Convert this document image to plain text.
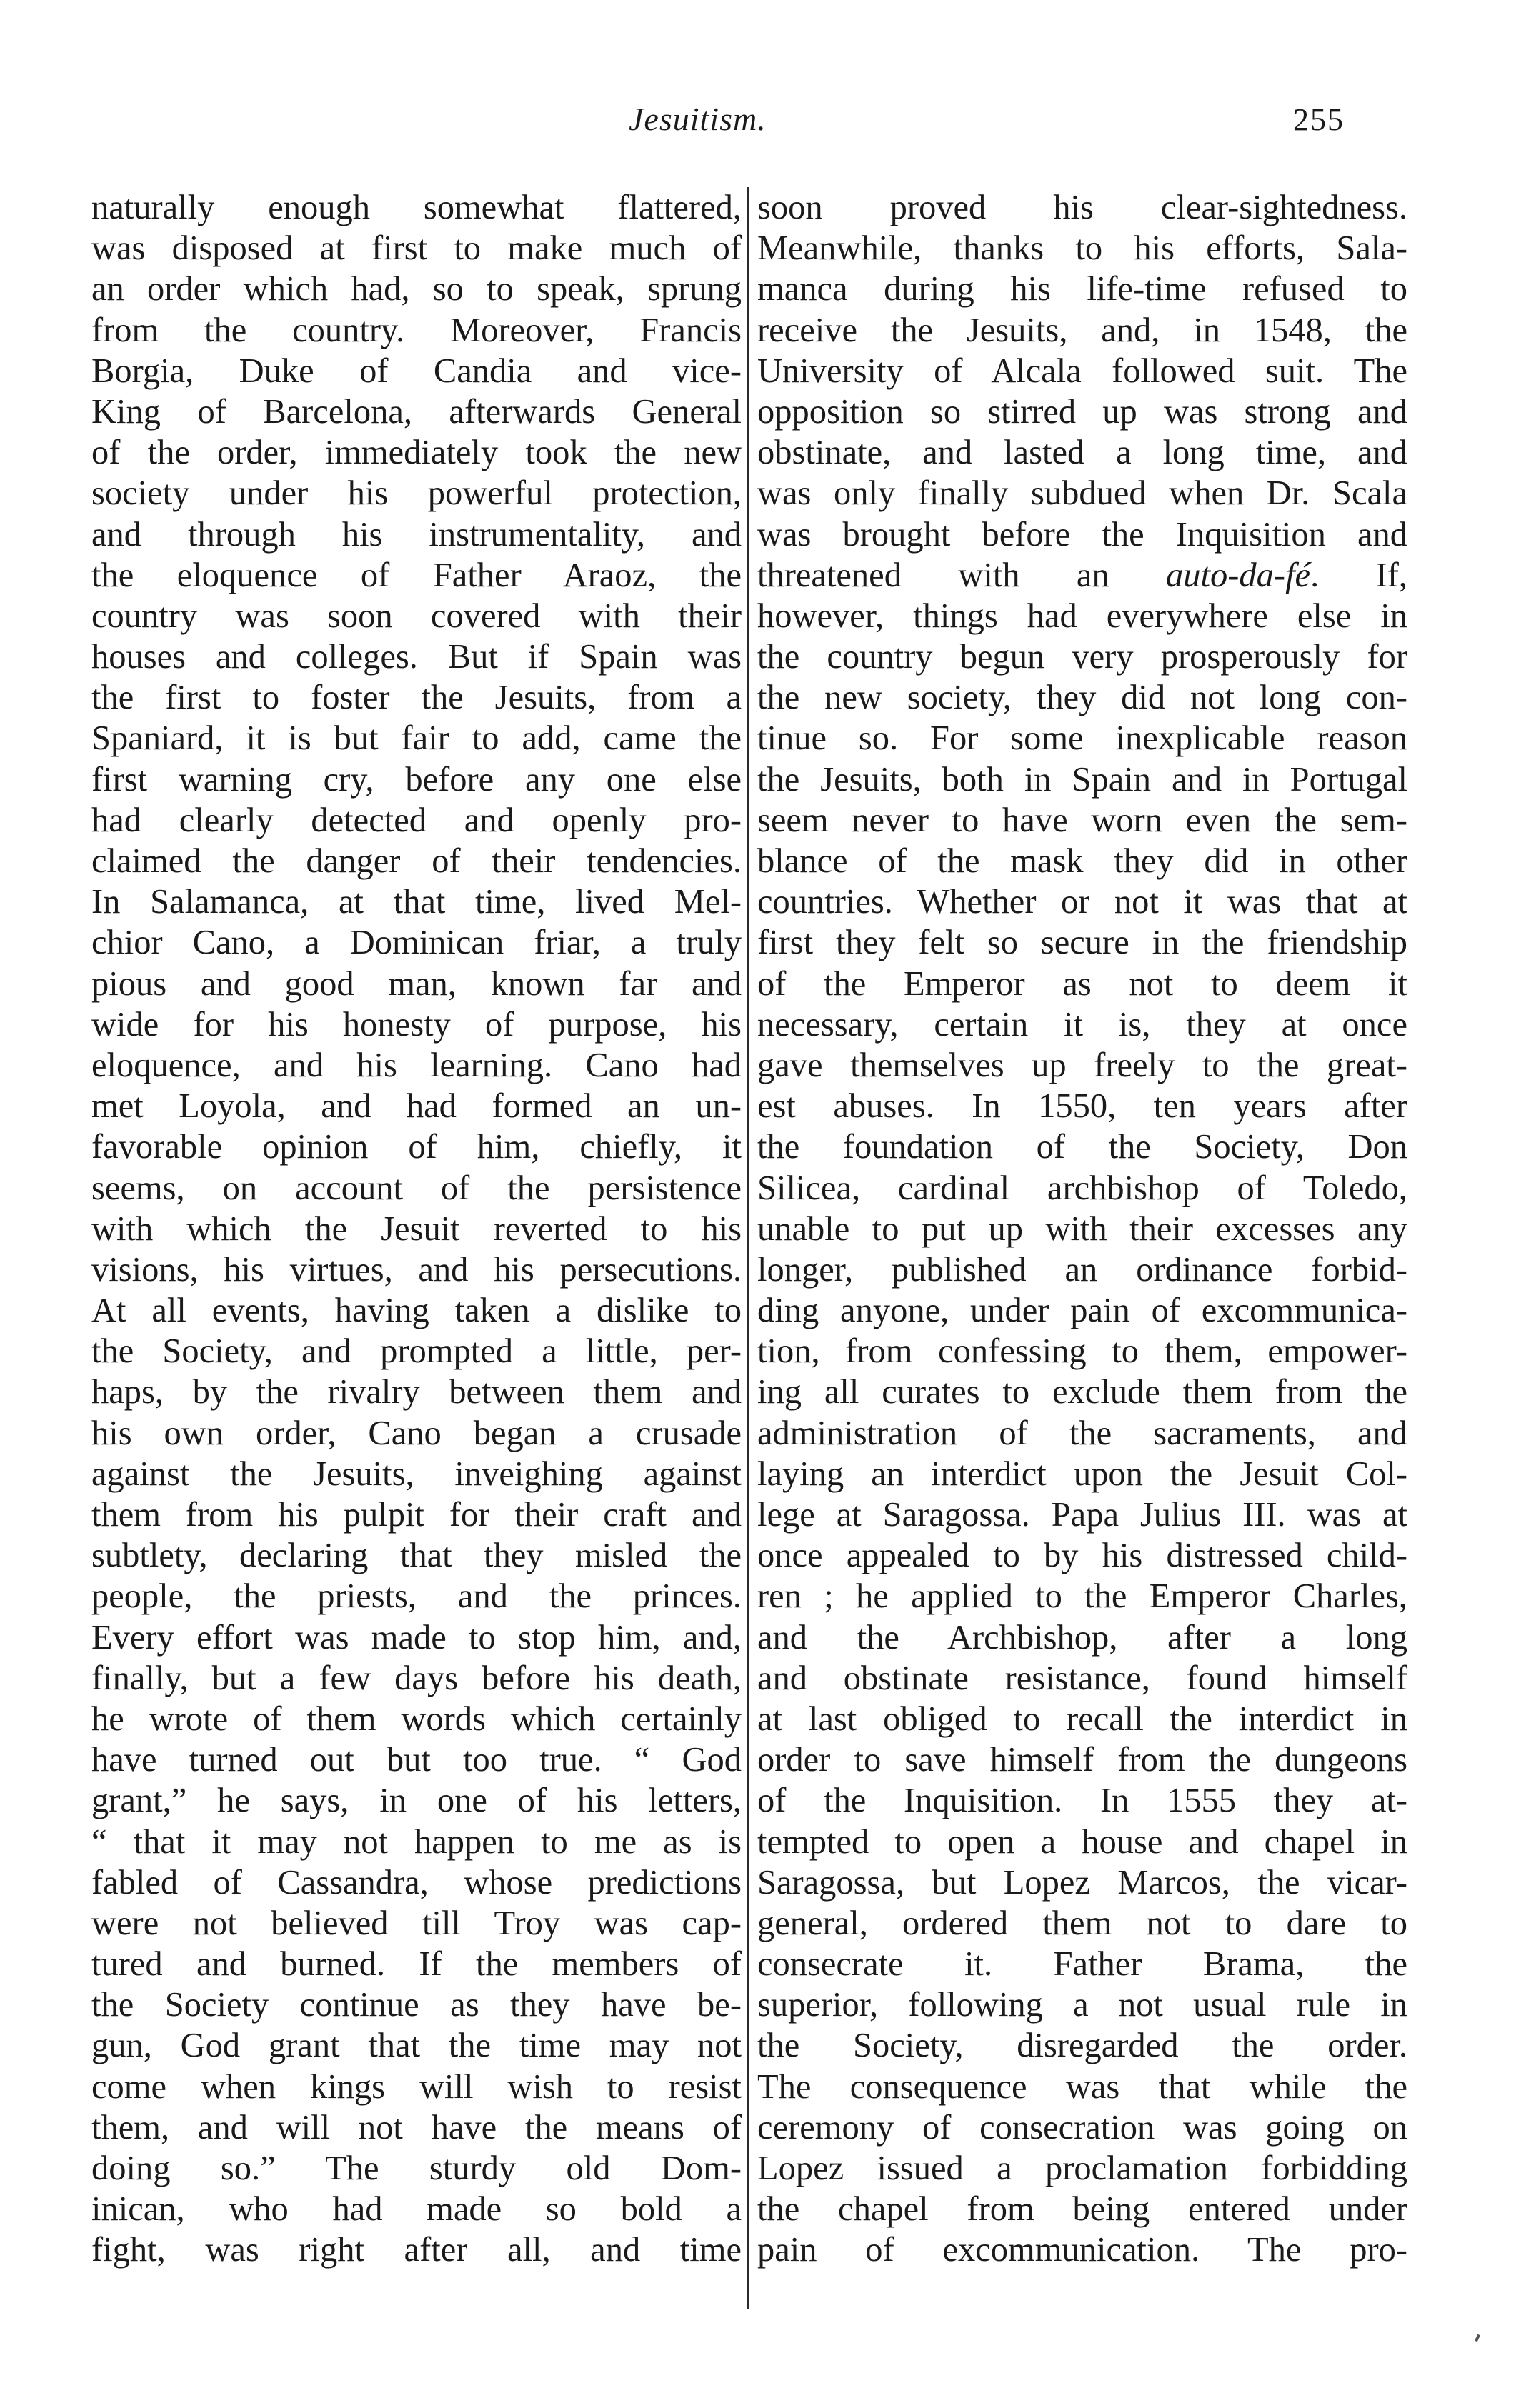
Jesuitism.	255
naturally enough somewhat flattered,
was disposed at first to make much of
an order which had, so to speak, sprung
from the country. Moreover, Francis
Borgia, Duke of Candia and vice-
King of Barcelona, afterwards General
of the order, immediately took the new
society under his powerful protection,
and through his instrumentality, and
the eloquence of Father Araoz, the
country was soon covered with their
houses and colleges. But if Spain was
the first to foster the Jesuits, from a
Spaniard, it is but fair to add, came the
first warning cry, before any one else
had clearly detected and openly pro-
claimed the danger of their tendencies.
In Salamanca, at that time, lived Mel-
chior Cano, a Dominican friar, a truly
pious and good man, known far and
wide for his honesty of purpose, his
eloquence, and his learning. Cano had
met Loyola, and had formed an un-
favorable opinion of him, chiefly, it
seems, on account of the persistence
with which the Jesuit reverted to his
visions, his virtues, and his persecutions.
At all events, having taken a dislike to
the Society, and prompted a little, per-
haps, by the rivalry between them and
his own order, Cano began a crusade
against the Jesuits, inveighing against
them from his pulpit for their craft and
subtlety, declaring that they misled the
people, the priests, and the princes.
Every effort was made to stop him, and,
finally, but a few days before his death,
he wrote of them words which certainly
have turned out but too true. “ God
grant,” he says, in one of his letters,
“ that it may not happen to me as is
fabled of Cassandra, whose predictions
were not believed till Troy was cap-
tured and burned. If the members of
the Society continue as they have be-
gun, God grant that the time may not
come when kings will wish to resist
them, and will not have the means of
doing so.” The sturdy old Dom-
inican, who had made so bold a
fight, was right after all, and time
soon proved his clear-sightedness.
Meanwhile, thanks to his efforts, Sala-
manca during his life-time refused to
receive the Jesuits, and, in 1548, the
University of Alcala followed suit. The
opposition so stirred up was strong and
obstinate, and lasted a long time, and
was only finally subdued when Dr. Scala
was brought before the Inquisition and
threatened with an auto-da-fé. If,
however, things had everywhere else in
the country begun very prosperously for
the new society, they did not long con-
tinue so. For some inexplicable reason
the Jesuits, both in Spain and in Portugal
seem never to have worn even the sem-
blance of the mask they did in other
countries. Whether or not it was that at
first they felt so secure in the friendship
of the Emperor as not to deem it
necessary, certain it is, they at once
gave themselves up freely to the great-
est abuses. In 1550, ten years after
the foundation of the Society, Don
Silicea, cardinal archbishop of Toledo,
unable to put up with their excesses any
longer, published an ordinance forbid-
ding anyone, under pain of excommunica-
tion, from confessing to them, empower-
ing all curates to exclude them from the
administration of the sacraments, and
laying an interdict upon the Jesuit Col-
lege at Saragossa. Papa Julius III. was at
once appealed to by his distressed child-
ren ; he applied to the Emperor Charles,
and the Archbishop, after a long
and obstinate resistance, found himself
at last obliged to recall the interdict in
order to save himself from the dungeons
of the Inquisition. In 1555 they at-
tempted to open a house and chapel in
Saragossa, but Lopez Marcos, the vicar-
general, ordered them not to dare to
consecrate it. Father Brama, the
superior, following a not usual rule in
the Society, disregarded the order.
The consequence was that while the
ceremony of consecration was going on
Lopez issued a proclamation forbidding
the chapel from being entered under
pain of excommunication. The pro-
